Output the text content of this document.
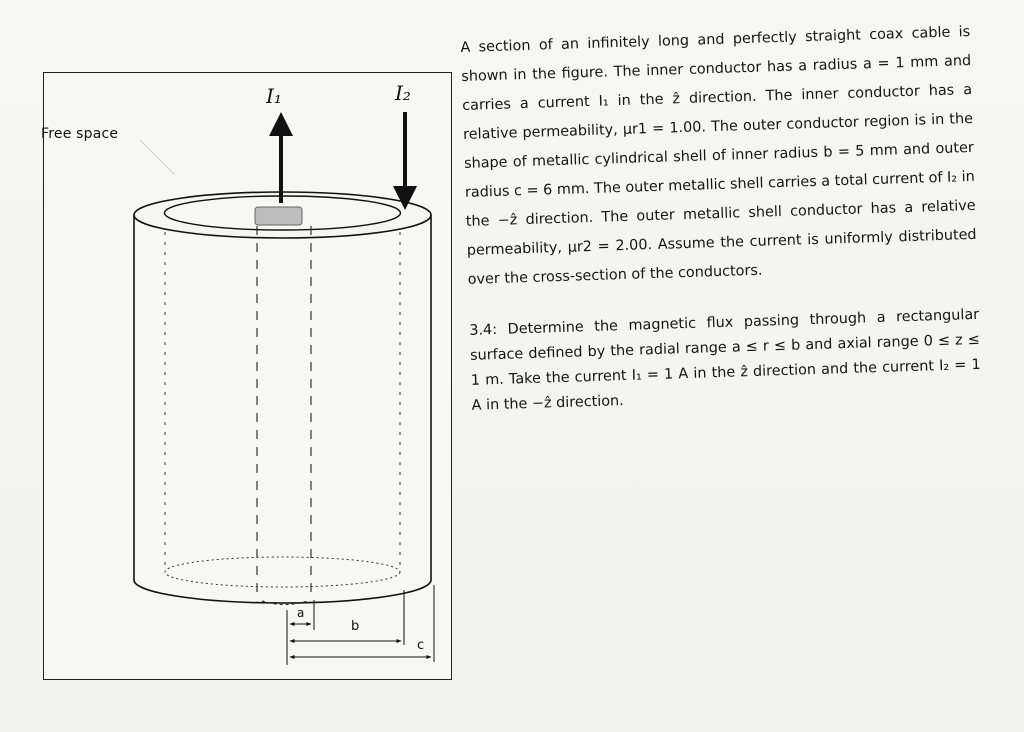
Free space
I₁	I₂
a
b
c

A section of an infinitely long and perfectly straight coax cable is shown in the figure. The inner conductor has a radius a = 1 mm and carries a current I₁ in the ẑ direction. The inner conductor has a relative permeability, μr1 = 1.00. The outer conductor region is in the shape of metallic cylindrical shell of inner radius b = 5 mm and outer radius c = 6 mm. The outer metallic shell carries a total current of I₂ in the −ẑ direction. The outer metallic shell conductor has a relative permeability, μr2 = 2.00. Assume the current is uniformly distributed over the cross-section of the conductors.

3.4: Determine the magnetic flux passing through a rectangular surface defined by the radial range a ≤ r ≤ b and axial range 0 ≤ z ≤ 1 m. Take the current I₁ = 1 A in the ẑ direction and the current I₂ = 1 A in the −ẑ direction.
